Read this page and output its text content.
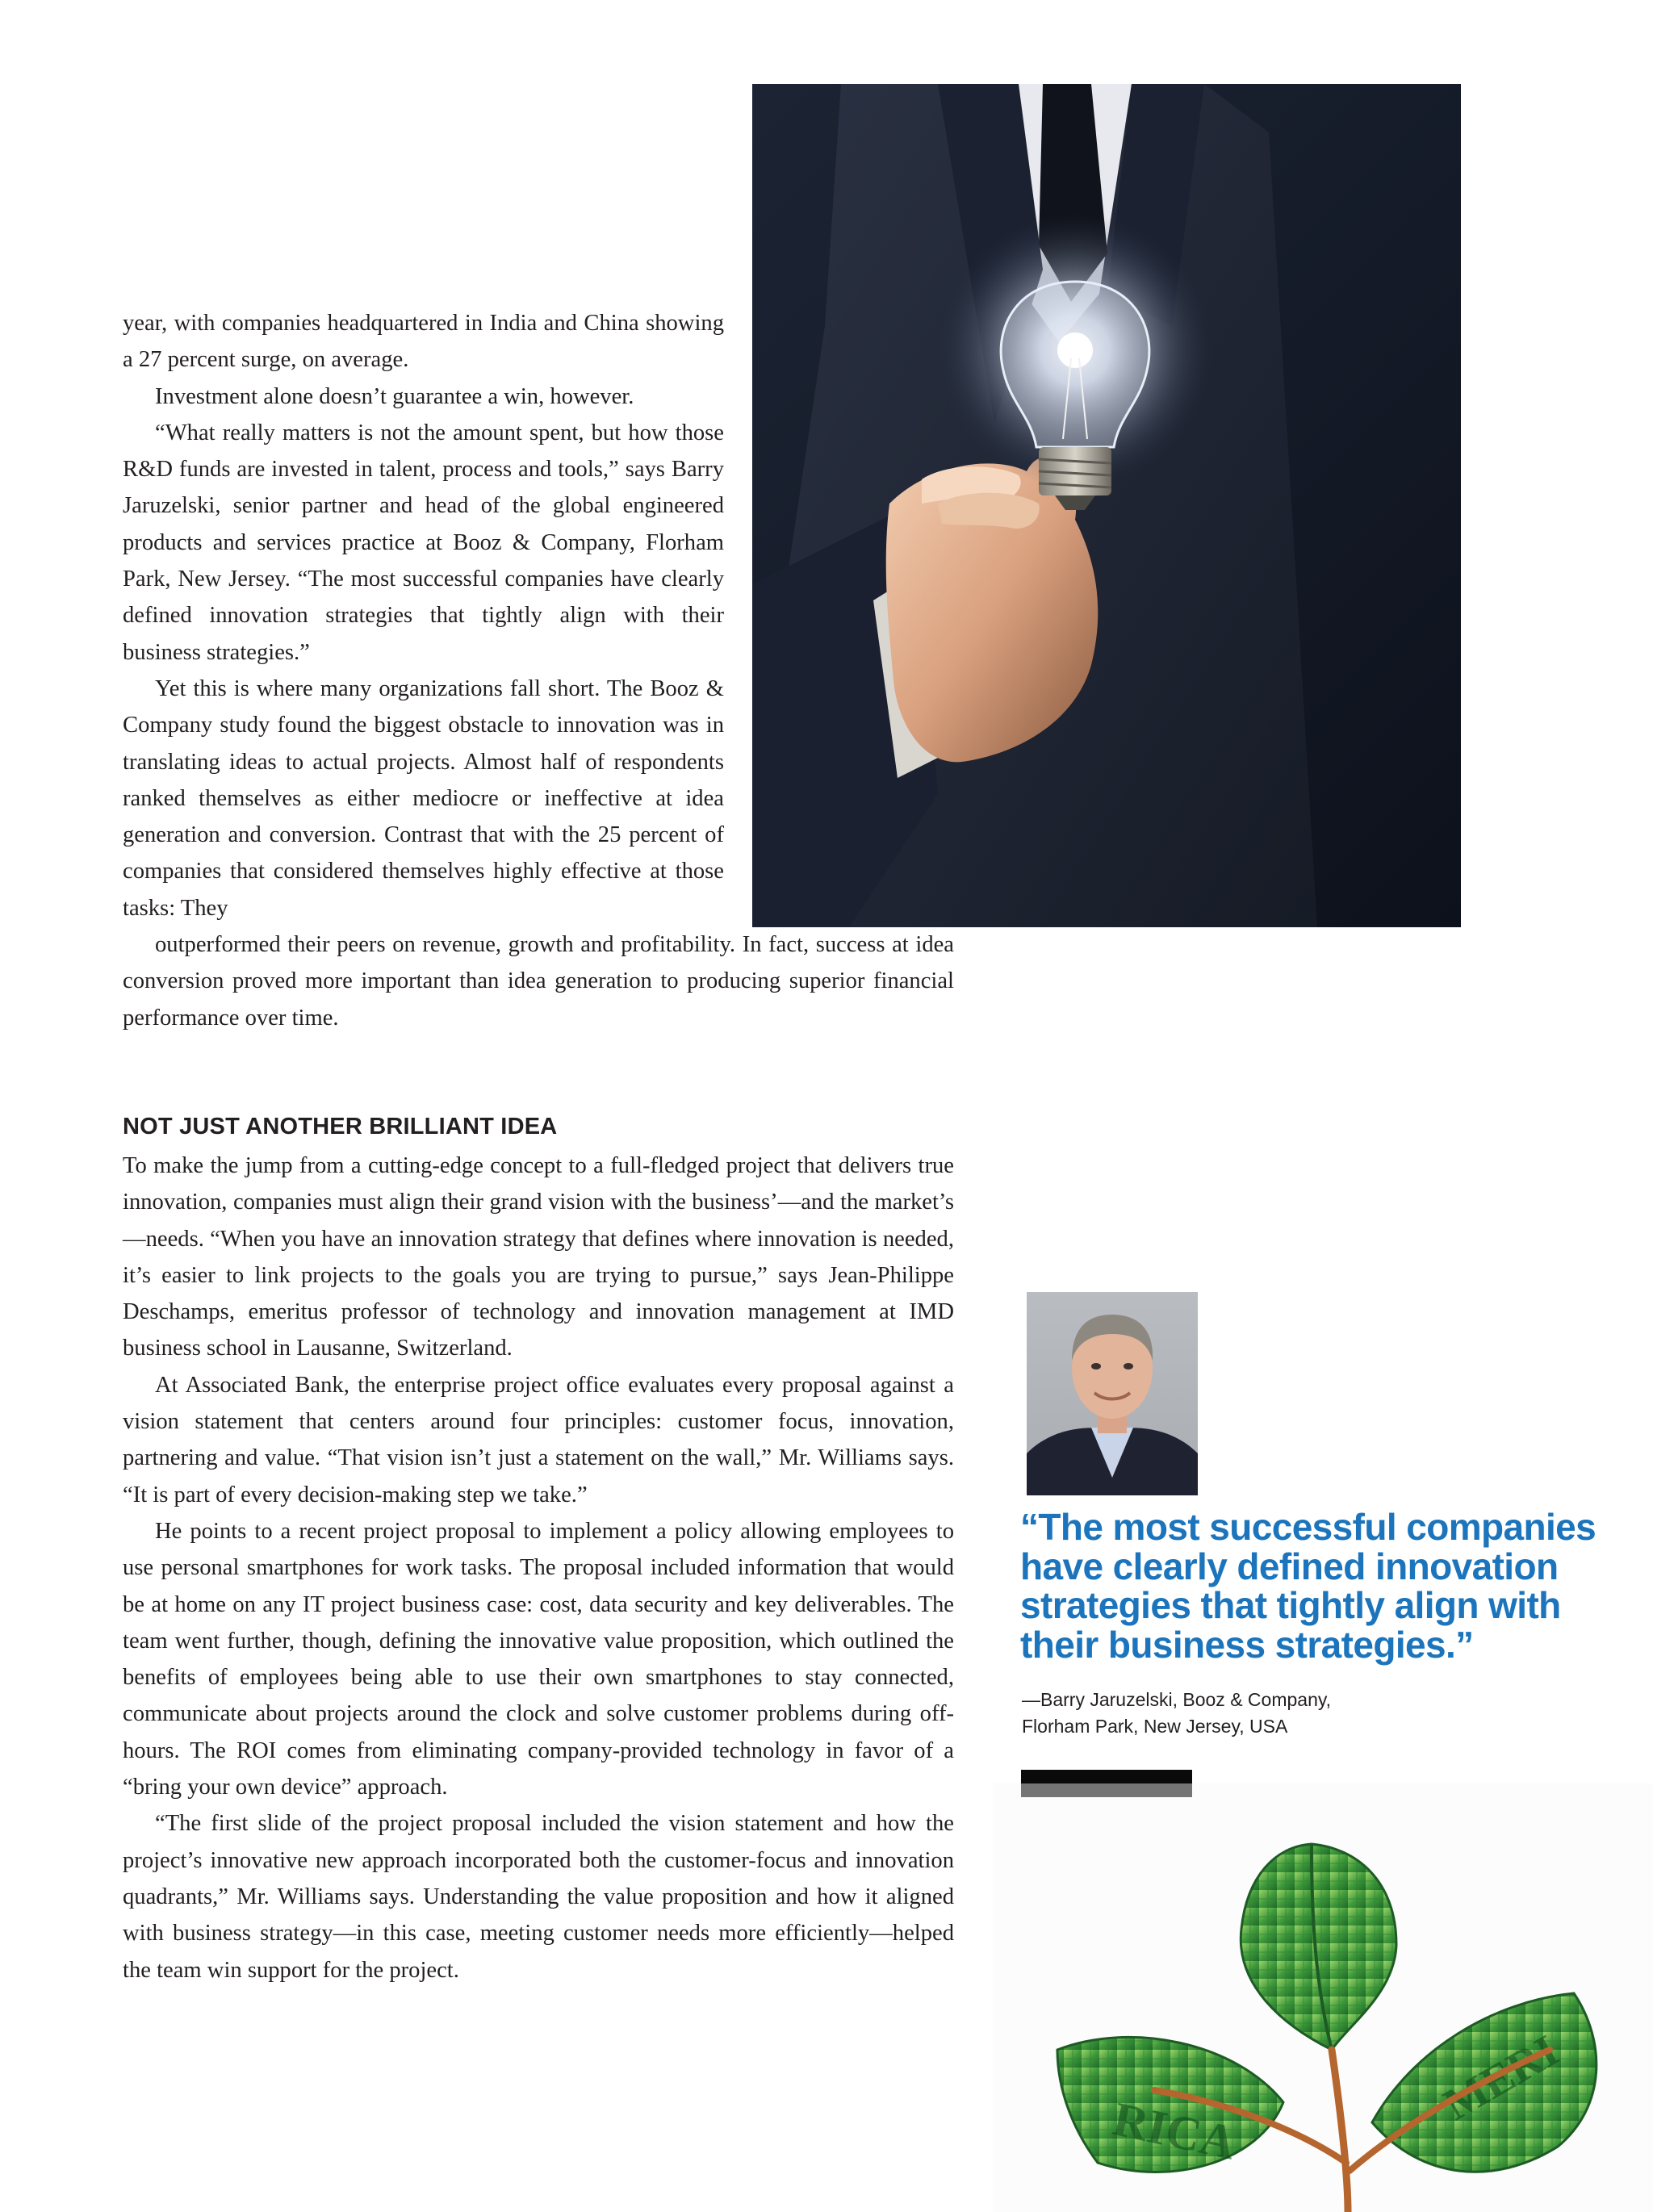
year, with companies headquartered in India and China showing a 27 percent surge, on average.

Investment alone doesn’t guarantee a win, however.

“What really matters is not the amount spent, but how those R&D funds are invested in talent, process and tools,” says Barry Jaruzelski, senior partner and head of the global engineered products and services practice at Booz & Company, Florham Park, New Jersey. “The most successful companies have clearly defined innovation strategies that tightly align with their business strategies.”

Yet this is where many organizations fall short. The Booz & Company study found the biggest obstacle to innovation was in translating ideas to actual projects. Almost half of respondents ranked themselves as either mediocre or ineffective at idea generation and conversion. Contrast that with the 25 percent of companies that considered themselves highly effective at those tasks: They
outperformed their peers on revenue, growth and profitability. In fact, success at idea conversion proved more important than idea generation to producing superior financial performance over time.

NOT JUST ANOTHER BRILLIANT IDEA

To make the jump from a cutting-edge concept to a full-fledged project that delivers true innovation, companies must align their grand vision with the business’—and the market’s—needs. “When you have an innovation strategy that defines where innovation is needed, it’s easier to link projects to the goals you are trying to pursue,” says Jean-Philippe Deschamps, emeritus professor of technology and innovation management at IMD business school in Lausanne, Switzerland.

At Associated Bank, the enterprise project office evaluates every proposal against a vision statement that centers around four principles: customer focus, innovation, partnering and value. “That vision isn’t just a statement on the wall,” Mr. Williams says. “It is part of every decision-making step we take.”

He points to a recent project proposal to implement a policy allowing employees to use personal smartphones for work tasks. The proposal included information that would be at home on any IT project business case: cost, data security and key deliverables. The team went further, though, defining the innovative value proposition, which outlined the benefits of employees being able to use their own smartphones to stay connected, communicate about projects around the clock and solve customer problems during off-hours. The ROI comes from eliminating company-provided technology in favor of a “bring your own device” approach.

“The first slide of the project proposal included the vision statement and how the project’s innovative new approach incorporated both the customer-focus and innovation quadrants,” Mr. Williams says. Understanding the value proposition and how it aligned with business strategy—in this case, meeting customer needs more efficiently—helped the team win support for the project.

“The most successful companies have clearly defined innovation strategies that tightly align with their business strategies.”

—Barry Jaruzelski, Booz & Company,
Florham Park, New Jersey, USA

RICA
MERI
